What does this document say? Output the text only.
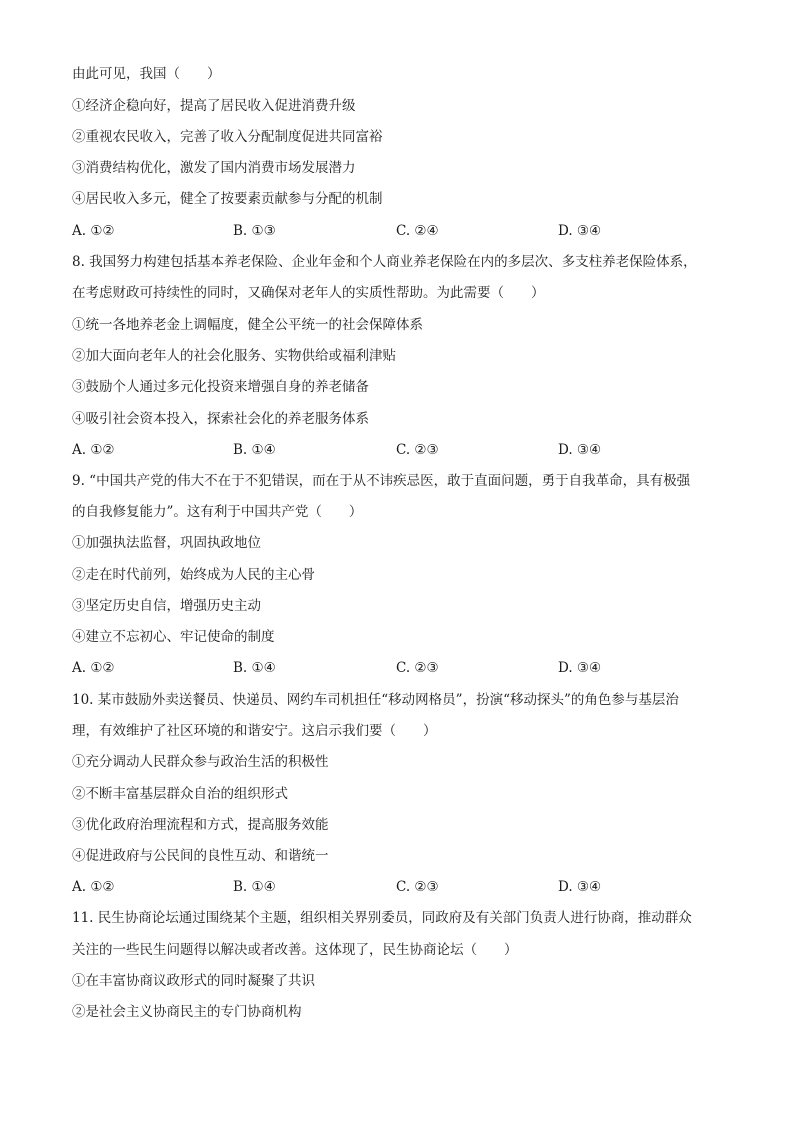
由此可见，我国（　　）
①经济企稳向好，提高了居民收入促进消费升级
②重视农民收入，完善了收入分配制度促进共同富裕
③消费结构优化，激发了国内消费市场发展潜力
④居民收入多元，健全了按要素贡献参与分配的机制
A. ①②	B. ①③	C. ②④	D. ③④
8. 我国努力构建包括基本养老保险、企业年金和个人商业养老保险在内的多层次、多支柱养老保险体系，
在考虑财政可持续性的同时，又确保对老年人的实质性帮助。为此需要（　　）
①统一各地养老金上调幅度，健全公平统一的社会保障体系
②加大面向老年人的社会化服务、实物供给或福利津贴
③鼓励个人通过多元化投资来增强自身的养老储备
④吸引社会资本投入，探索社会化的养老服务体系
A. ①②	B. ①④	C. ②③	D. ③④
9. “中国共产党的伟大不在于不犯错误，而在于从不讳疾忌医，敢于直面问题，勇于自我革命，具有极强
的自我修复能力”。这有利于中国共产党（　　）
①加强执法监督，巩固执政地位
②走在时代前列，始终成为人民的主心骨
③坚定历史自信，增强历史主动
④建立不忘初心、牢记使命的制度
A. ①②	B. ①④	C. ②③	D. ③④
10. 某市鼓励外卖送餐员、快递员、网约车司机担任“移动网格员”，扮演“移动探头”的角色参与基层治
理，有效维护了社区环境的和谐安宁。这启示我们要（　　）
①充分调动人民群众参与政治生活的积极性
②不断丰富基层群众自治的组织形式
③优化政府治理流程和方式，提高服务效能
④促进政府与公民间的良性互动、和谐统一
A. ①②	B. ①④	C. ②③	D. ③④
11. 民生协商论坛通过围绕某个主题，组织相关界别委员，同政府及有关部门负责人进行协商，推动群众
关注的一些民生问题得以解决或者改善。这体现了，民生协商论坛（　　）
①在丰富协商议政形式的同时凝聚了共识
②是社会主义协商民主的专门协商机构
